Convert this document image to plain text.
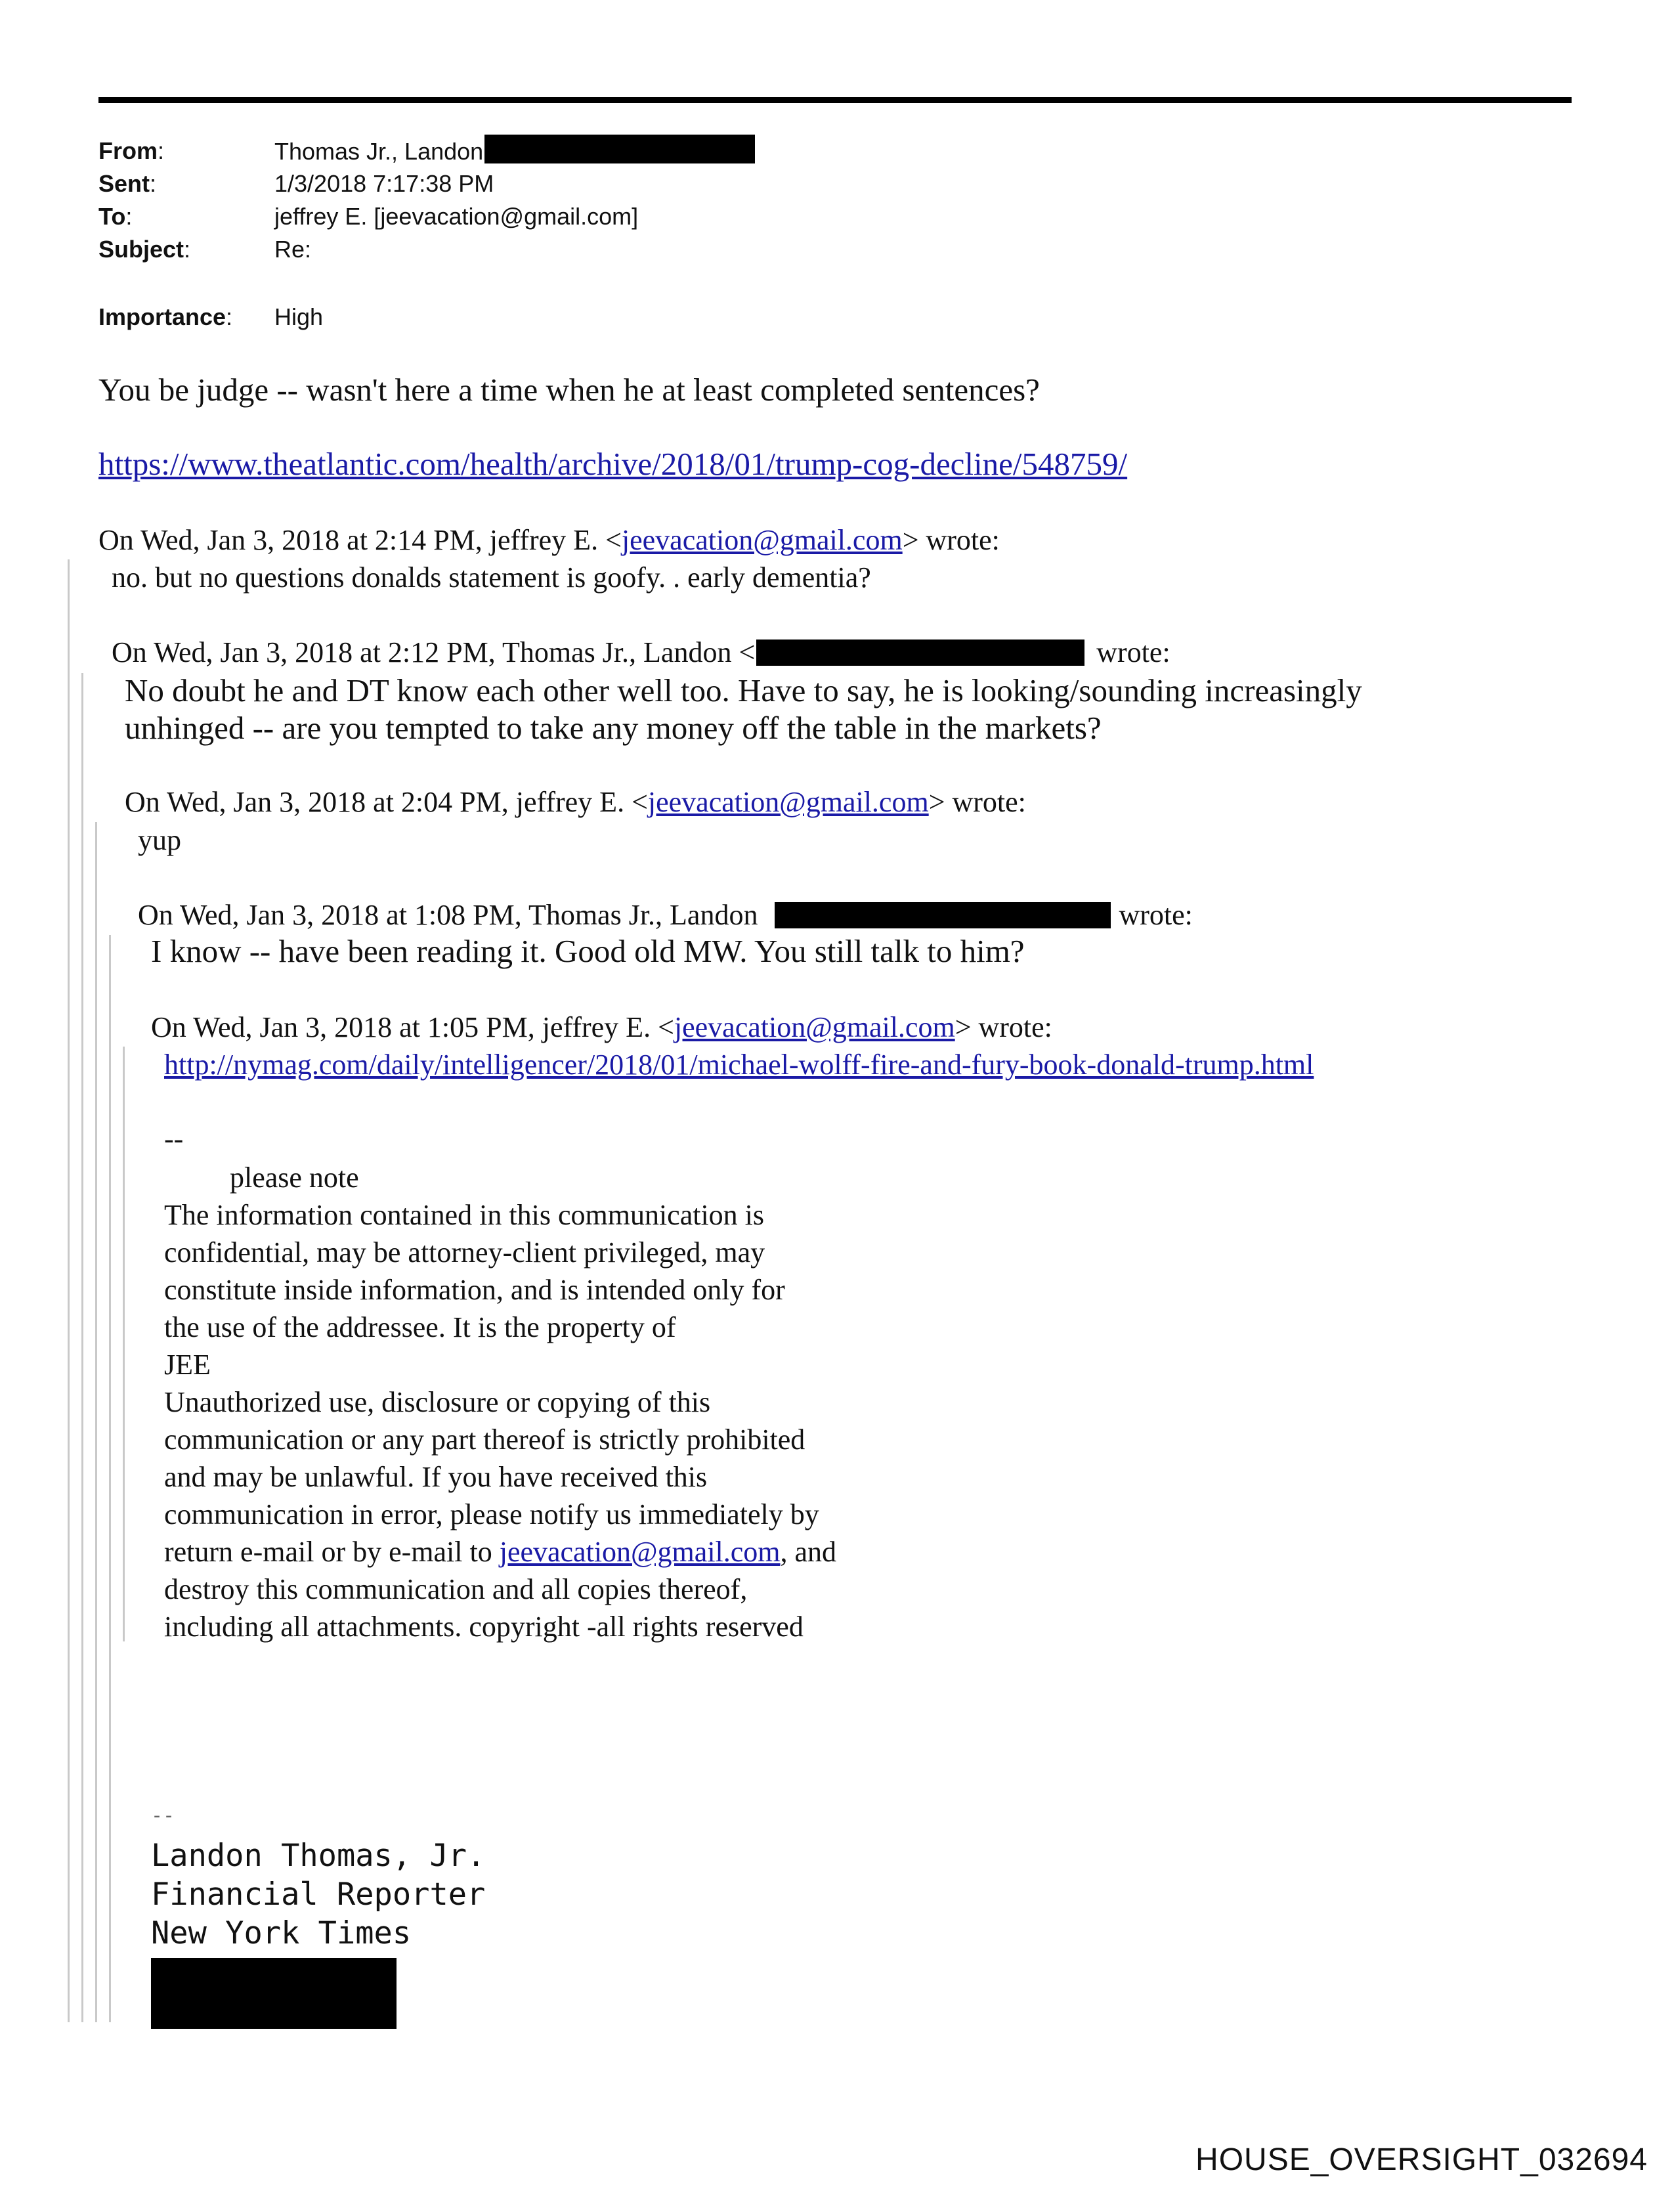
From:	Thomas Jr., Landon
Sent:	1/3/2018 7:17:38 PM
To:	jeffrey E. [jeevacation@gmail.com]
Subject:	Re:
Importance: High
You be judge -- wasn't here a time when he at least completed sentences?
https://www.theatlantic.com/health/archive/2018/01/trump-cog-decline/548759/
On Wed, Jan 3, 2018 at 2:14 PM, jeffrey E. <jeevacation@gmail.com> wrote:
no. but no questions donalds statement is goofy. . early dementia?
On Wed, Jan 3, 2018 at 2:12 PM, Thomas Jr., Landon <	wrote:
No doubt he and DT know each other well too. Have to say, he is looking/sounding increasingly
unhinged -- are you tempted to take any money off the table in the markets?
On Wed, Jan 3, 2018 at 2:04 PM, jeffrey E. <jeevacation@gmail.com> wrote:
yup
On Wed, Jan 3, 2018 at 1:08 PM, Thomas Jr., Landon	wrote:
I know -- have been reading it. Good old MW. You still talk to him?
On Wed, Jan 3, 2018 at 1:05 PM, jeffrey E. <jeevacation@gmail.com> wrote:
http://nymag.com/daily/intelligencer/2018/01/michael-wolff-fire-and-fury-book-donald-trump.html
--
please note
The information contained in this communication is
confidential, may be attorney-client privileged, may
constitute inside information, and is intended only for
the use of the addressee. It is the property of
JEE
Unauthorized use, disclosure or copying of this
communication or any part thereof is strictly prohibited
and may be unlawful. If you have received this
communication in error, please notify us immediately by
return e-mail or by e-mail to jeevacation@gmail.com, and
destroy this communication and all copies thereof,
including all attachments. copyright -all rights reserved
--
Landon Thomas, Jr.
Financial Reporter
New York Times
HOUSE_OVERSIGHT_032694
